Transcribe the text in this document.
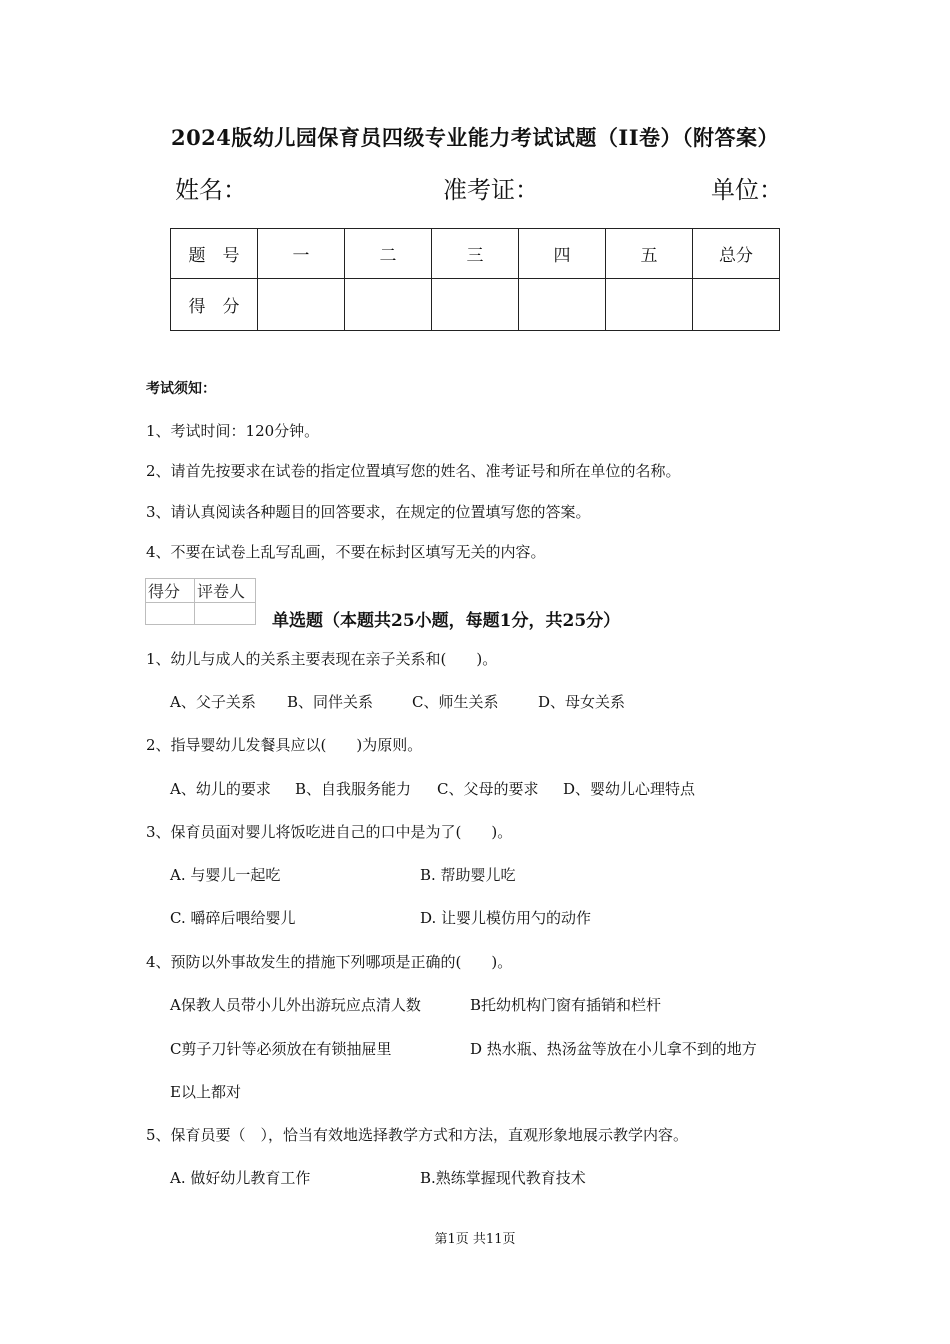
2024版幼儿园保育员四级专业能力考试试题（II卷）（附答案）
姓名：	准考证：	单位：
题　号	一	二	三	四	五	总分
得　分						
考试须知：
1、考试时间：120分钟。
2、请首先按要求在试卷的指定位置填写您的姓名、准考证号和所在单位的名称。
3、请认真阅读各种题目的回答要求，在规定的位置填写您的答案。
4、不要在试卷上乱写乱画，不要在标封区填写无关的内容。
得分	评卷人

单选题（本题共25小题，每题1分，共25分）
1、幼儿与成人的关系主要表现在亲子关系和(　　)。
A、父子关系 B、同伴关系	C、师生关系	D、母女关系
2、指导婴幼儿发餐具应以(　　)为原则。
A、幼儿的要求 B、自我服务能力 C、父母的要求 D、婴幼儿心理特点
3、保育员面对婴儿将饭吃进自己的口中是为了(　　)。
A. 与婴儿一起吃	B. 帮助婴儿吃
C. 嚼碎后喂给婴儿	D. 让婴儿模仿用勺的动作
4、预防以外事故发生的措施下列哪项是正确的(　　)。
A保教人员带小儿外出游玩应点清人数	B托幼机构门窗有插销和栏杆
C剪子刀针等必须放在有锁抽屉里	D 热水瓶、热汤盆等放在小儿拿不到的地方
E以上都对
5、保育员要（　），恰当有效地选择教学方式和方法，直观形象地展示教学内容。
A. 做好幼儿教育工作	B.熟练掌握现代教育技术
第1页 共11页
